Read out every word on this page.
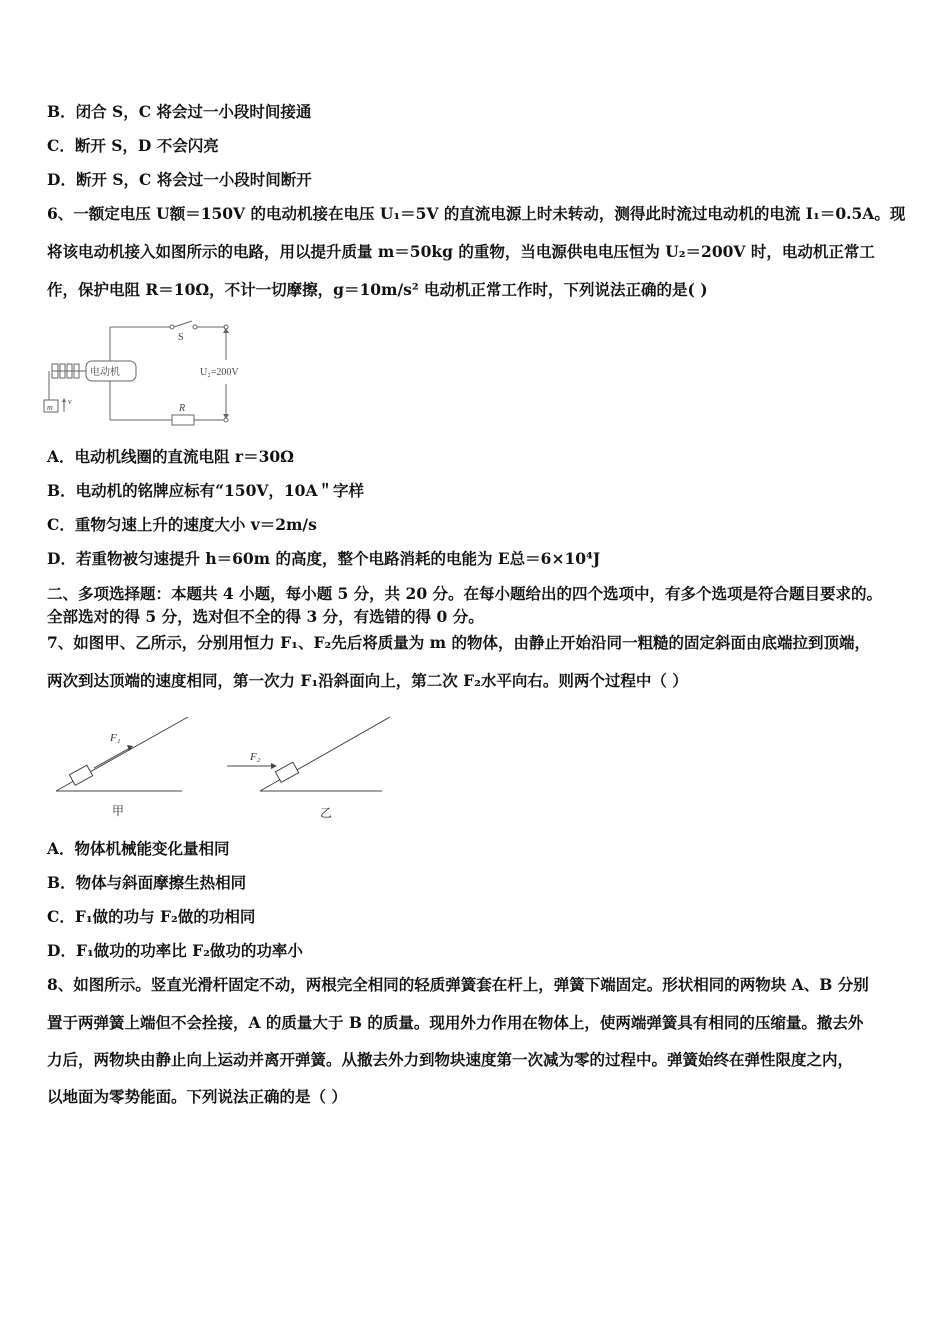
B．闭合 S，C 将会过一小段时间接通
C．断开 S，D 不会闪亮
D．断开 S，C 将会过一小段时间断开
6、一额定电压 U额＝150V 的电动机接在电压 U₁＝5V 的直流电源上时未转动，测得此时流过电动机的电流 I₁＝0.5A。现
将该电动机接入如图所示的电路，用以提升质量 m＝50kg 的重物，当电源供电电压恒为 U₂＝200V 时，电动机正常工
作，保护电阻 R＝10Ω，不计一切摩擦，g＝10m/s² 电动机正常工作时，下列说法正确的是( )
电动机
S
U₂=200V
R
m
v
A．电动机线圈的直流电阻 r＝30Ω
B．电动机的铭牌应标有“150V，10A＂字样
C．重物匀速上升的速度大小 v＝2m/s
D．若重物被匀速提升 h＝60m 的高度，整个电路消耗的电能为 E总＝6×10⁴J
二、多项选择题：本题共 4 小题，每小题 5 分，共 20 分。在每小题给出的四个选项中，有多个选项是符合题目要求的。
全部选对的得 5 分，选对但不全的得 3 分，有选错的得 0 分。
7、如图甲、乙所示，分别用恒力 F₁、F₂先后将质量为 m 的物体，由静止开始沿同一粗糙的固定斜面由底端拉到顶端，
两次到达顶端的速度相同，第一次力 F₁沿斜面向上，第二次 F₂水平向右。则两个过程中（ ）
F₁
F₂
甲	乙
A．物体机械能变化量相同
B．物体与斜面摩擦生热相同
C．F₁做的功与 F₂做的功相同
D．F₁做功的功率比 F₂做功的功率小
8、如图所示。竖直光滑杆固定不动，两根完全相同的轻质弹簧套在杆上，弹簧下端固定。形状相同的两物块 A、B 分别
置于两弹簧上端但不会拴接，A 的质量大于 B 的质量。现用外力作用在物体上，使两端弹簧具有相同的压缩量。撤去外
力后，两物块由静止向上运动并离开弹簧。从撤去外力到物块速度第一次减为零的过程中。弹簧始终在弹性限度之内，
以地面为零势能面。下列说法正确的是（ ）
